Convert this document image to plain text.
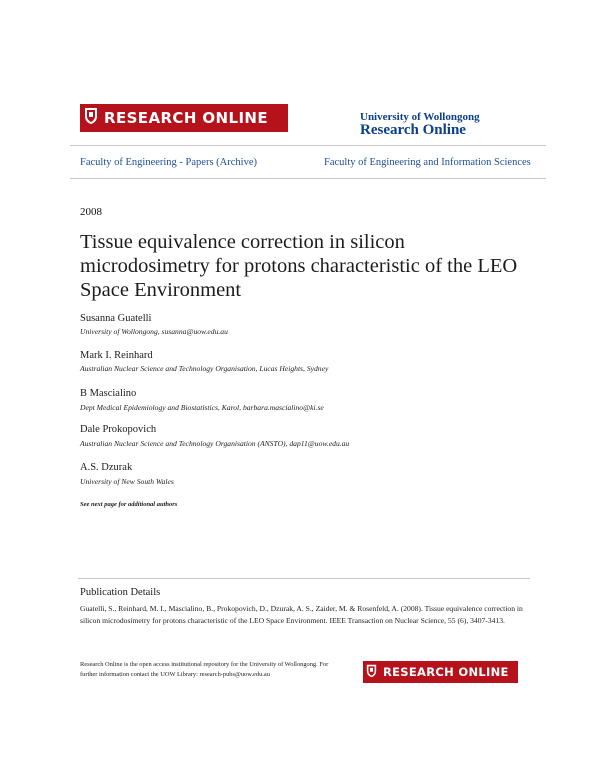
RESEARCH ONLINE	University of Wollongong
Research Online
Faculty of Engineering - Papers (Archive)	Faculty of Engineering and Information Sciences
2008
Tissue equivalence correction in silicon microdosimetry for protons characteristic of the LEO Space Environment
Susanna Guatelli
University of Wollongong, susanna@uow.edu.au
Mark I. Reinhard
Australian Nuclear Science and Technology Organisation, Lucas Heights, Sydney
B Mascialino
Dept Medical Epidemiology and Biostatistics, Karol, barbara.mascialino@ki.se
Dale Prokopovich
Australian Nuclear Science and Technology Organisation (ANSTO), dap11@uow.edu.au
A.S. Dzurak
University of New South Wales
See next page for additional authors
Publication Details
Guatelli, S., Reinhard, M. I., Mascialino, B., Prokopovich, D., Dzurak, A. S., Zaider, M. & Rosenfeld, A. (2008). Tissue equivalence correction in silicon microdosimetry for protons characteristic of the LEO Space Environment. IEEE Transaction on Nuclear Science, 55 (6), 3407-3413.
Research Online is the open access institutional repository for the University of Wollongong. For further information contact the UOW Library: research-pubs@uow.edu.au	RESEARCH ONLINE
